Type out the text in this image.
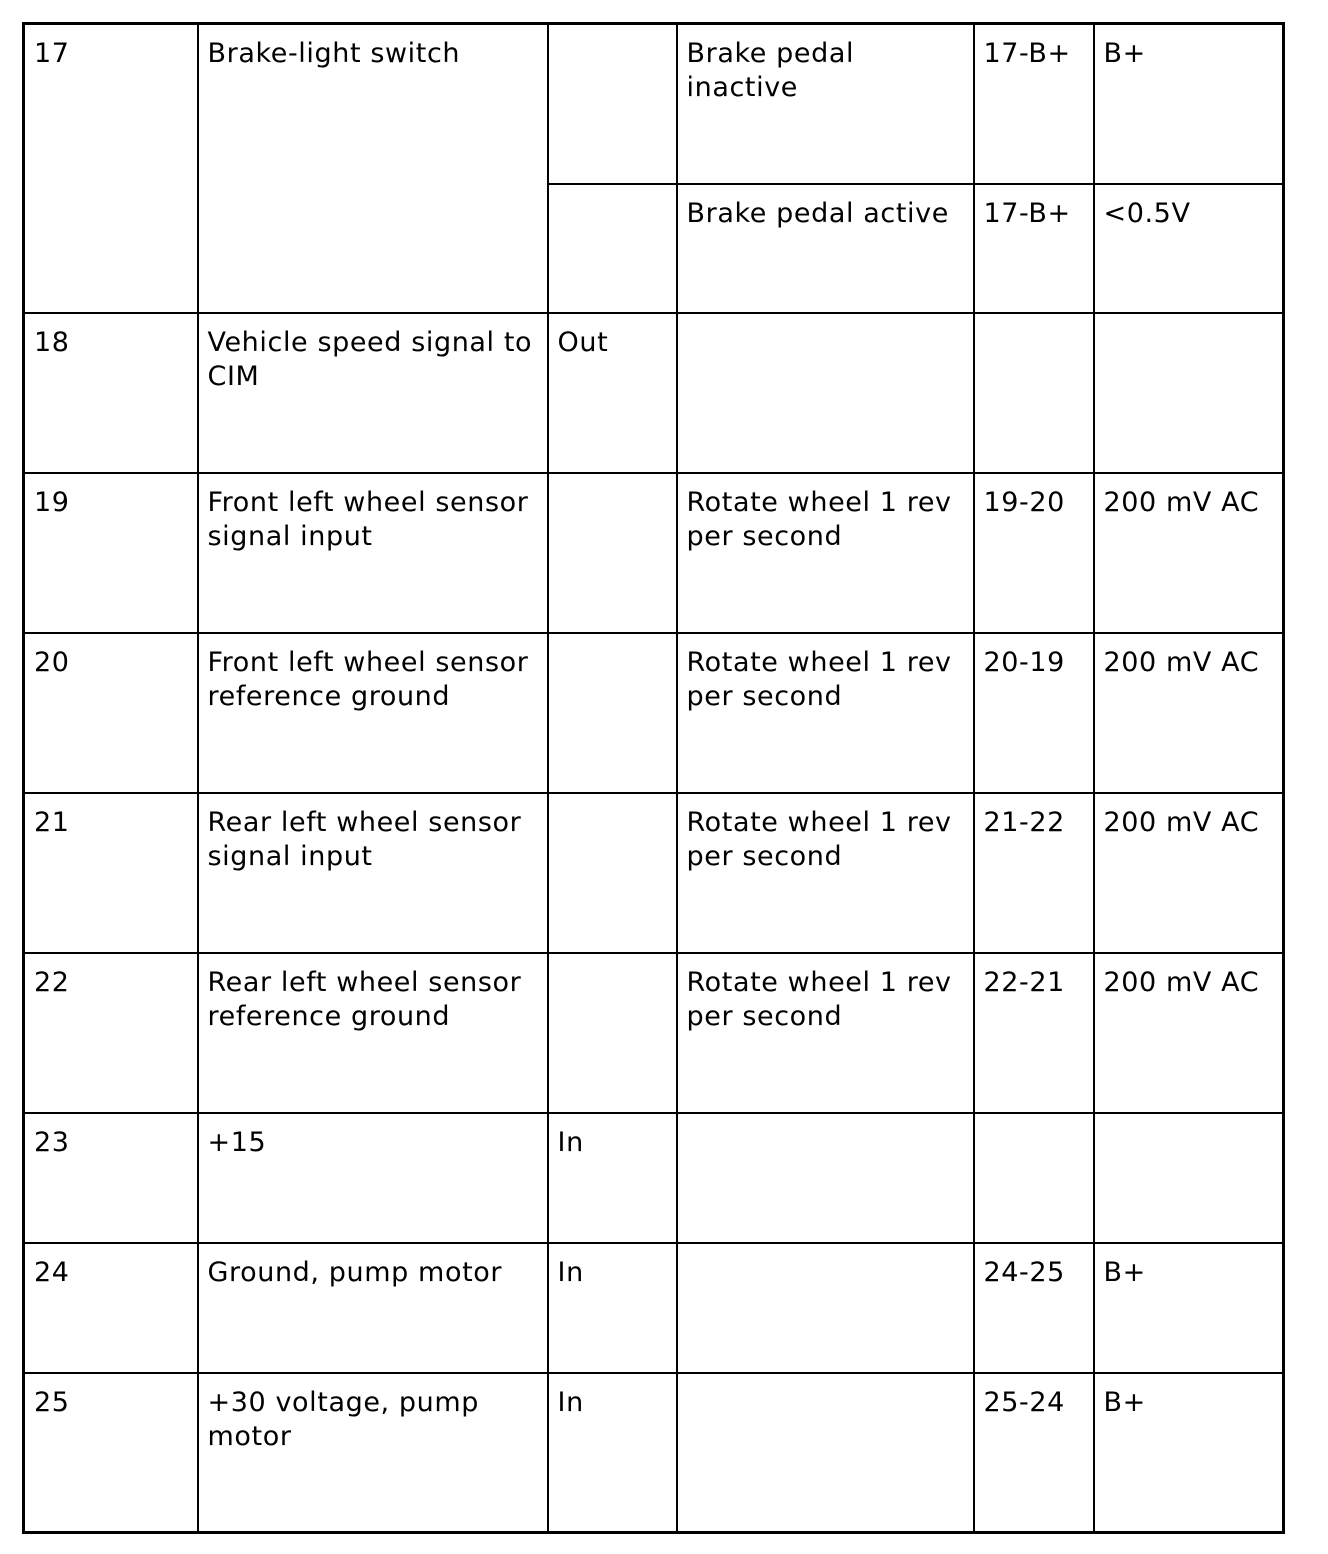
17	Brake-light switch		Brake pedal inactive	17-B+	B+
			Brake pedal active	17-B+	<0.5V
18	Vehicle speed signal to CIM	Out			
19	Front left wheel sensor signal input		Rotate wheel 1 rev per second	19-20	200 mV AC
20	Front left wheel sensor reference ground		Rotate wheel 1 rev per second	20-19	200 mV AC
21	Rear left wheel sensor signal input		Rotate wheel 1 rev per second	21-22	200 mV AC
22	Rear left wheel sensor reference ground		Rotate wheel 1 rev per second	22-21	200 mV AC
23	+15	In			
24	Ground, pump motor	In		24-25	B+
25	+30 voltage, pump motor	In		25-24	B+
